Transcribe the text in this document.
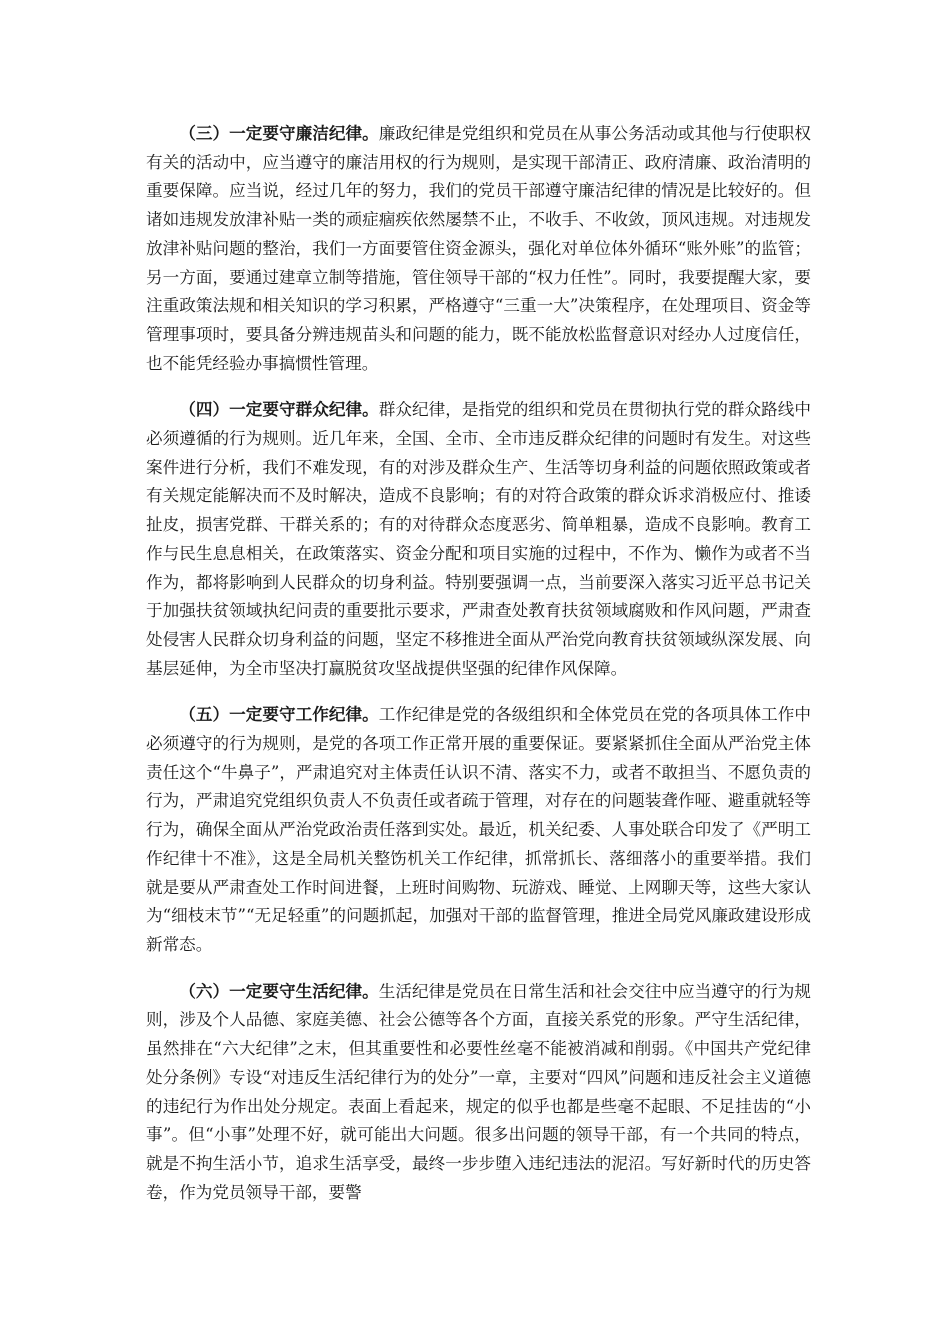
（三）一定要守廉洁纪律。廉政纪律是党组织和党员在从事公务活动或其他与行使职权有关的活动中，应当遵守的廉洁用权的行为规则，是实现干部清正、政府清廉、政治清明的重要保障。应当说，经过几年的努力，我们的党员干部遵守廉洁纪律的情况是比较好的。但诸如违规发放津补贴一类的顽症痼疾依然屡禁不止，不收手、不收敛，顶风违规。对违规发放津补贴问题的整治，我们一方面要管住资金源头，强化对单位体外循环“账外账”的监管；另一方面，要通过建章立制等措施，管住领导干部的“权力任性”。同时，我要提醒大家，要注重政策法规和相关知识的学习积累，严格遵守“三重一大”决策程序，在处理项目、资金等管理事项时，要具备分辨违规苗头和问题的能力，既不能放松监督意识对经办人过度信任，也不能凭经验办事搞惯性管理。

（四）一定要守群众纪律。群众纪律，是指党的组织和党员在贯彻执行党的群众路线中必须遵循的行为规则。近几年来，全国、全市、全市违反群众纪律的问题时有发生。对这些案件进行分析，我们不难发现，有的对涉及群众生产、生活等切身利益的问题依照政策或者有关规定能解决而不及时解决，造成不良影响；有的对符合政策的群众诉求消极应付、推诿扯皮，损害党群、干群关系的；有的对待群众态度恶劣、简单粗暴，造成不良影响。教育工作与民生息息相关，在政策落实、资金分配和项目实施的过程中，不作为、懒作为或者不当作为，都将影响到人民群众的切身利益。特别要强调一点，当前要深入落实习近平总书记关于加强扶贫领域执纪问责的重要批示要求，严肃查处教育扶贫领域腐败和作风问题，严肃查处侵害人民群众切身利益的问题，坚定不移推进全面从严治党向教育扶贫领域纵深发展、向基层延伸，为全市坚决打赢脱贫攻坚战提供坚强的纪律作风保障。

（五）一定要守工作纪律。工作纪律是党的各级组织和全体党员在党的各项具体工作中必须遵守的行为规则，是党的各项工作正常开展的重要保证。要紧紧抓住全面从严治党主体责任这个“牛鼻子”，严肃追究对主体责任认识不清、落实不力，或者不敢担当、不愿负责的行为，严肃追究党组织负责人不负责任或者疏于管理，对存在的问题装聋作哑、避重就轻等行为，确保全面从严治党政治责任落到实处。最近，机关纪委、人事处联合印发了《严明工作纪律十不准》，这是全局机关整饬机关工作纪律，抓常抓长、落细落小的重要举措。我们就是要从严肃查处工作时间进餐，上班时间购物、玩游戏、睡觉、上网聊天等，这些大家认为“细枝末节”“无足轻重”的问题抓起，加强对干部的监督管理，推进全局党风廉政建设形成新常态。

（六）一定要守生活纪律。生活纪律是党员在日常生活和社会交往中应当遵守的行为规则，涉及个人品德、家庭美德、社会公德等各个方面，直接关系党的形象。严守生活纪律，虽然排在“六大纪律”之末，但其重要性和必要性丝毫不能被消减和削弱。《中国共产党纪律处分条例》专设“对违反生活纪律行为的处分”一章，主要对“四风”问题和违反社会主义道德的违纪行为作出处分规定。表面上看起来，规定的似乎也都是些毫不起眼、不足挂齿的“小事”。但“小事”处理不好，就可能出大问题。很多出问题的领导干部，有一个共同的特点，就是不拘生活小节，追求生活享受，最终一步步堕入违纪违法的泥沼。写好新时代的历史答卷，作为党员领导干部，要警
